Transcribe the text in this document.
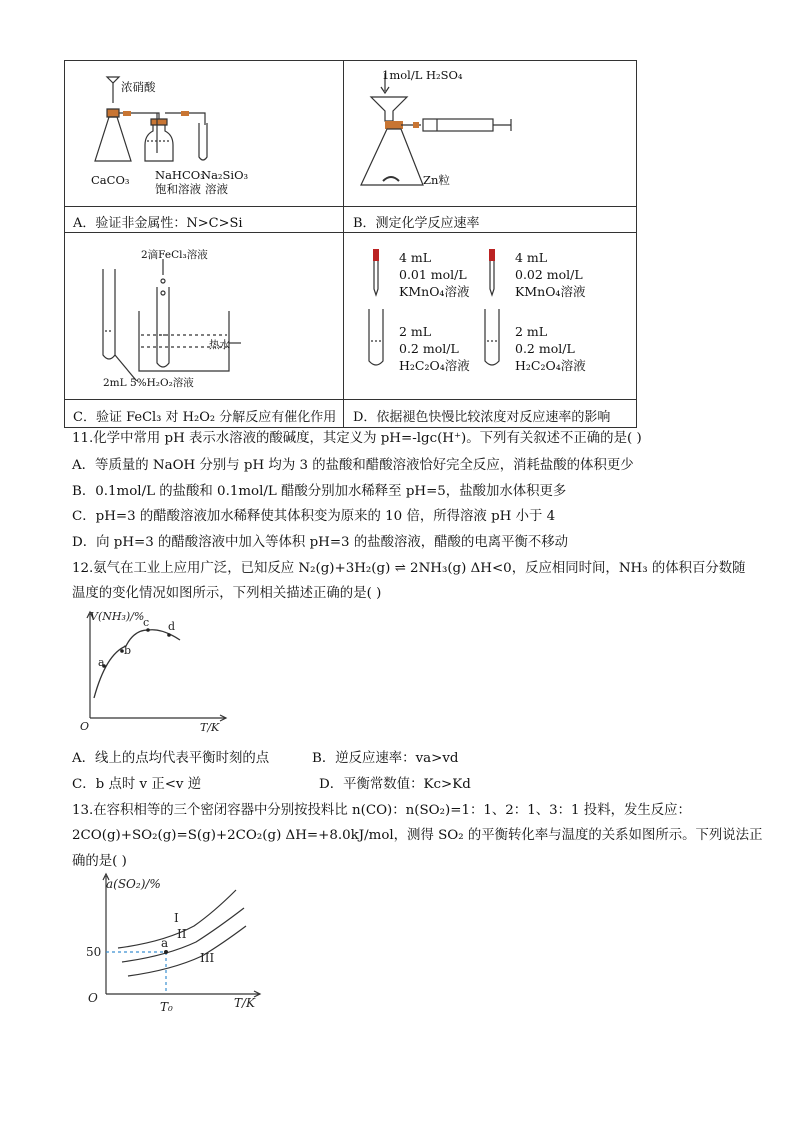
浓硝酸
CaCO₃ NaHCO₃
饱和溶液
Na₂SiO₃
溶液
A．验证非金属性：N>C>Si
1mol/L H₂SO₄
Zn粒
B．测定化学反应速率
2滴FeCl₃溶液
热水
2mL 5%H₂O₂溶液
C．验证 FeCl₃ 对 H₂O₂ 分解反应有催化作用
4 mL
0.01 mol/L
KMnO₄溶液
4 mL
0.02 mol/L
KMnO₄溶液
2 mL
0.2 mol/L
H₂C₂O₄溶液
2 mL
0.2 mol/L
H₂C₂O₄溶液
D．依据褪色快慢比较浓度对反应速率的影响
11.化学中常用 pH 表示水溶液的酸碱度，其定义为 pH=-lgc(H⁺)。下列有关叙述不正确的是( )
A．等质量的 NaOH 分别与 pH 均为 3 的盐酸和醋酸溶液恰好完全反应，消耗盐酸的体积更少
B．0.1mol/L 的盐酸和 0.1mol/L 醋酸分别加水稀释至 pH=5，盐酸加水体积更多
C．pH=3 的醋酸溶液加水稀释使其体积变为原来的 10 倍，所得溶液 pH 小于 4
D．向 pH=3 的醋酸溶液中加入等体积 pH=3 的盐酸溶液，醋酸的电离平衡不移动
12.氨气在工业上应用广泛，已知反应 N₂(g)+3H₂(g) ⇌ 2NH₃(g) ΔH<0，反应相同时间，NH₃ 的体积百分数随
温度的变化情况如图所示，下列相关描述正确的是( )
V(NH₃)/%
T/K
O
a
b
c d
A．线上的点均代表平衡时刻的点	B．逆反应速率：va>vd
C．b 点时 v 正<v 逆	D．平衡常数值：Kc>Kd
13.在容积相等的三个密闭容器中分别按投料比 n(CO)：n(SO₂)=1：1、2：1、3：1 投料，发生反应：
2CO(g)+SO₂(g)=S(g)+2CO₂(g) ΔH=+8.0kJ/mol，测得 SO₂ 的平衡转化率与温度的关系如图所示。下列说法正
确的是( )
a(SO₂)/%
T/K
O
50
T₀
I
II
III
a
